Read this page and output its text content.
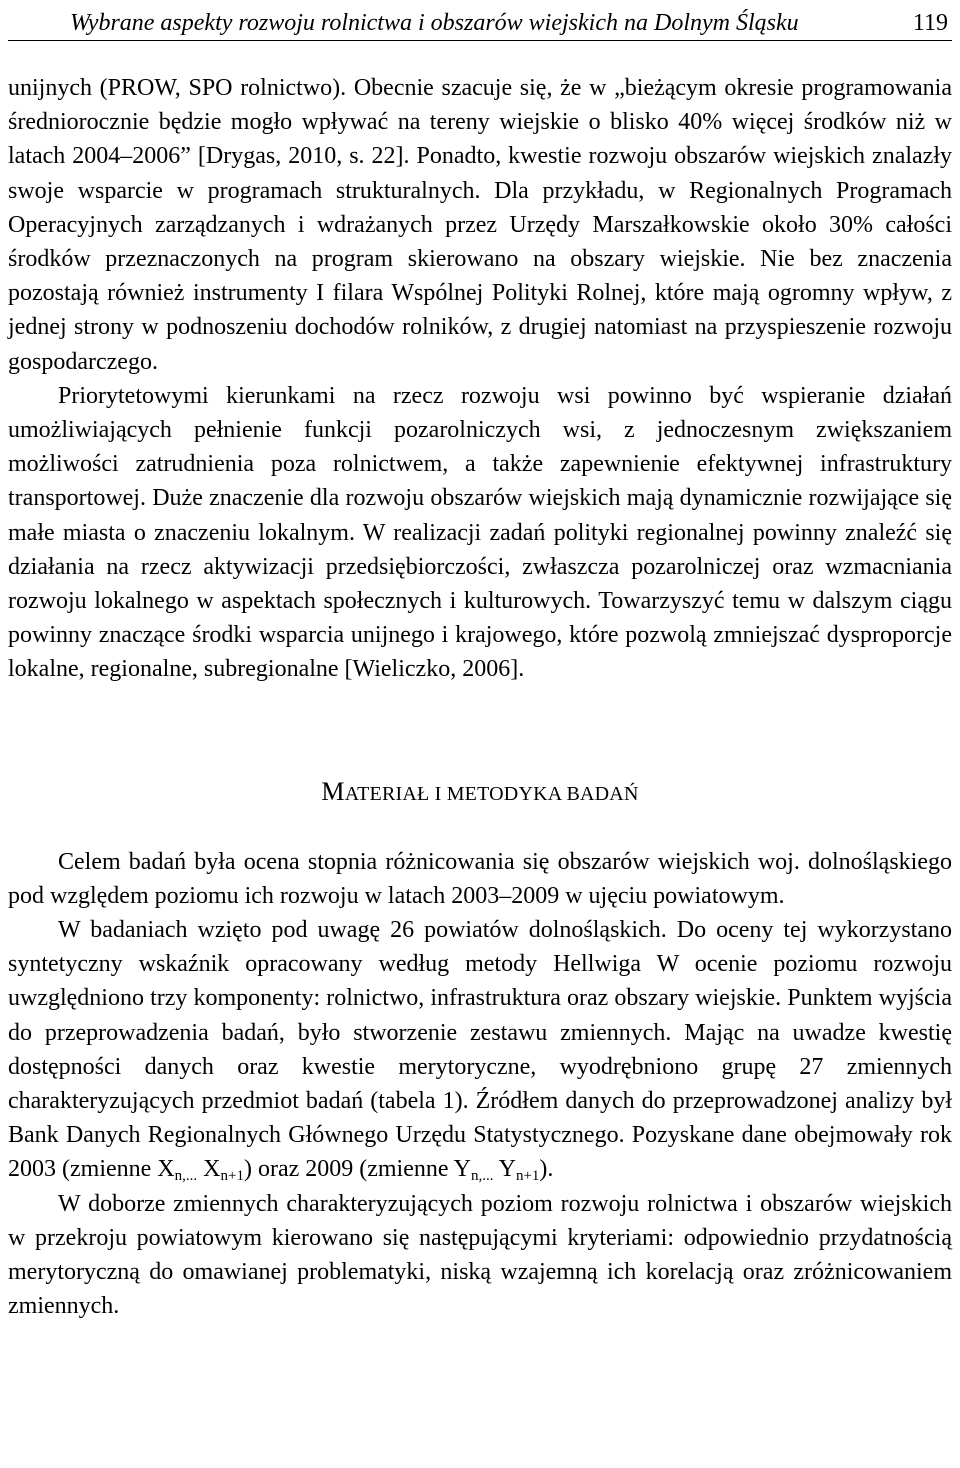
Wybrane aspekty rozwoju rolnictwa i obszarów wiejskich na Dolnym Śląsku	119

unijnych (PROW, SPO rolnictwo). Obecnie szacuje się, że w „bieżącym okresie programowania średniorocznie będzie mogło wpływać na tereny wiejskie o blisko 40% więcej środków niż w latach 2004–2006” [Drygas, 2010, s. 22]. Ponadto, kwestie rozwoju obszarów wiejskich znalazły swoje wsparcie w programach strukturalnych. Dla przykładu, w Regionalnych Programach Operacyjnych zarządzanych i wdrażanych przez Urzędy Marszałkowskie około 30% całości środków przeznaczonych na program skierowano na obszary wiejskie. Nie bez znaczenia pozostają również instrumenty I filara Wspólnej Polityki Rolnej, które mają ogromny wpływ, z jednej strony w podnoszeniu dochodów rolników, z drugiej natomiast na przyspieszenie rozwoju gospodarczego.

Priorytetowymi kierunkami na rzecz rozwoju wsi powinno być wspieranie działań umożliwiających pełnienie funkcji pozarolniczych wsi, z jednoczesnym zwiększaniem możliwości zatrudnienia poza rolnictwem, a także zapewnienie efektywnej infrastruktury transportowej. Duże znaczenie dla rozwoju obszarów wiejskich mają dynamicznie rozwijające się małe miasta o znaczeniu lokalnym. W realizacji zadań polityki regionalnej powinny znaleźć się działania na rzecz aktywizacji przedsiębiorczości, zwłaszcza pozarolniczej oraz wzmacniania rozwoju lokalnego w aspektach społecznych i kulturowych. Towarzyszyć temu w dalszym ciągu powinny znaczące środki wsparcia unijnego i krajowego, które pozwolą zmniejszać dysproporcje lokalne, regionalne, subregionalne [Wieliczko, 2006].

MATERIAŁ I METODYKA BADAŃ

Celem badań była ocena stopnia różnicowania się obszarów wiejskich woj. dolnośląskiego pod względem poziomu ich rozwoju w latach 2003–2009 w ujęciu powiatowym.

W badaniach wzięto pod uwagę 26 powiatów dolnośląskich. Do oceny tej wykorzystano syntetyczny wskaźnik opracowany według metody Hellwiga W ocenie poziomu rozwoju uwzględniono trzy komponenty: rolnictwo, infrastruktura oraz obszary wiejskie. Punktem wyjścia do przeprowadzenia badań, było stworzenie zestawu zmiennych. Mając na uwadze kwestię dostępności danych oraz kwestie merytoryczne, wyodrębniono grupę 27 zmiennych charakteryzujących przedmiot badań (tabela 1). Źródłem danych do przeprowadzonej analizy był Bank Danych Regionalnych Głównego Urzędu Statystycznego. Pozyskane dane obejmowały rok 2003 (zmienne $X_{n,...}$ $X_{n+1}$) oraz 2009 (zmienne $Y_{n,...}$ $Y_{n+1}$).

W doborze zmiennych charakteryzujących poziom rozwoju rolnictwa i obszarów wiejskich w przekroju powiatowym kierowano się następującymi kryteriami: odpowiednio przydatnością merytoryczną do omawianej problematyki, niską wzajemną ich korelacją oraz zróżnicowaniem zmiennych.
